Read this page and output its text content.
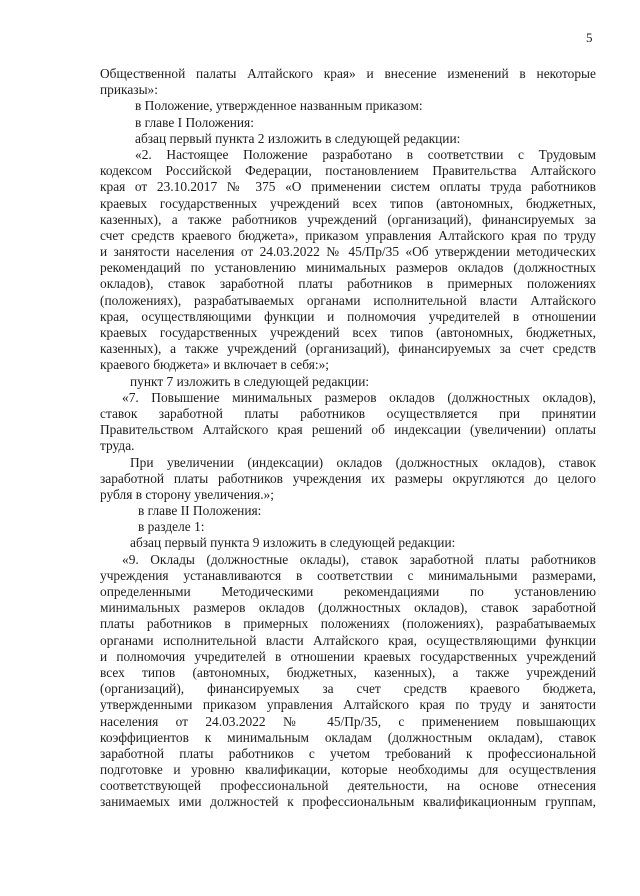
5
Общественной палаты Алтайского края» и внесение изменений в некоторые
приказы»:
в Положение, утвержденное названным приказом:
в главе I Положения:
абзац первый пункта 2 изложить в следующей редакции:
«2. Настоящее Положение разработано в соответствии с Трудовым
кодексом Российской Федерации, постановлением Правительства Алтайского
края от 23.10.2017 № 375 «О применении систем оплаты труда работников
краевых государственных учреждений всех типов (автономных, бюджетных,
казенных), а также работников учреждений (организаций), финансируемых за
счет средств краевого бюджета», приказом управления Алтайского края по труду
и занятости населения от 24.03.2022 № 45/Пр/35 «Об утверждении методических
рекомендаций по установлению минимальных размеров окладов (должностных
окладов), ставок заработной платы работников в примерных положениях
(положениях), разрабатываемых органами исполнительной власти Алтайского
края, осуществляющими функции и полномочия учредителей в отношении
краевых государственных учреждений всех типов (автономных, бюджетных,
казенных), а также учреждений (организаций), финансируемых за счет средств
краевого бюджета» и включает в себя:»;
пункт 7 изложить в следующей редакции:
«7. Повышение минимальных размеров окладов (должностных окладов),
ставок заработной платы работников осуществляется при принятии
Правительством Алтайского края решений об индексации (увеличении) оплаты
труда.
При увеличении (индексации) окладов (должностных окладов), ставок
заработной платы работников учреждения их размеры округляются до целого
рубля в сторону увеличения.»;
в главе II Положения:
в разделе 1:
абзац первый пункта 9 изложить в следующей редакции:
«9. Оклады (должностные оклады), ставок заработной платы работников
учреждения устанавливаются в соответствии с минимальными размерами,
определенными Методическими рекомендациями по установлению
минимальных размеров окладов (должностных окладов), ставок заработной
платы работников в примерных положениях (положениях), разрабатываемых
органами исполнительной власти Алтайского края, осуществляющими функции
и полномочия учредителей в отношении краевых государственных учреждений
всех типов (автономных, бюджетных, казенных), а также учреждений
(организаций), финансируемых за счет средств краевого бюджета,
утвержденными приказом управления Алтайского края по труду и занятости
населения от 24.03.2022 № 45/Пр/35, с применением повышающих
коэффициентов к минимальным окладам (должностным окладам), ставок
заработной платы работников с учетом требований к профессиональной
подготовке и уровню квалификации, которые необходимы для осуществления
соответствующей профессиональной деятельности, на основе отнесения
занимаемых ими должностей к профессиональным квалификационным группам,
